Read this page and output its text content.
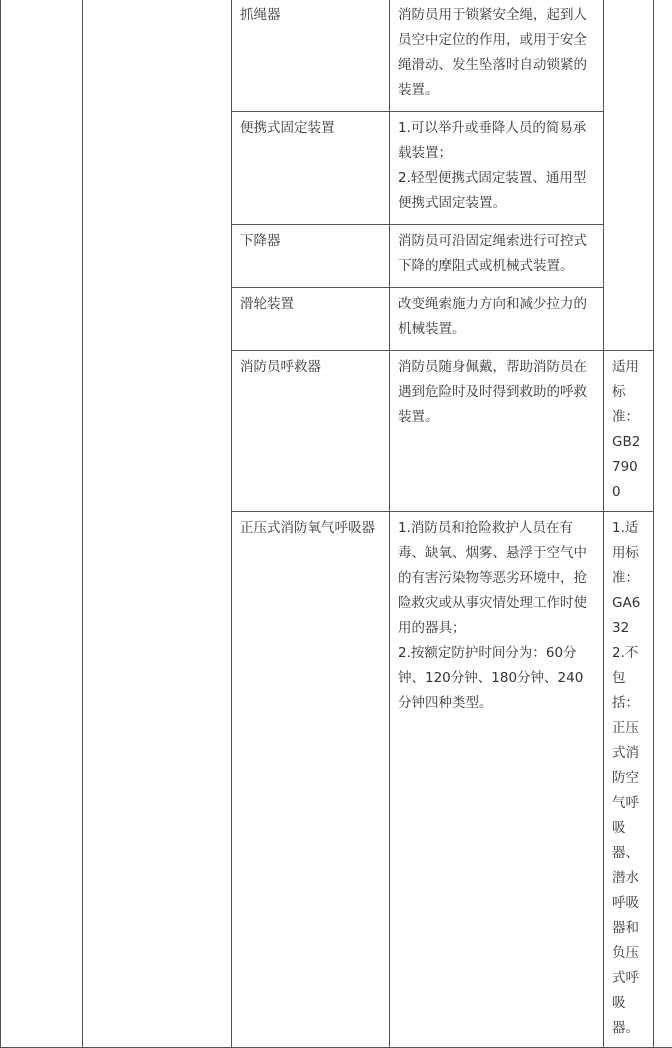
		抓绳器	消防员用于锁紧安全绳，起到人员空中定位的作用，或用于安全绳滑动、发生坠落时自动锁紧的装置。		

		便携式固定装置	1.可以举升或垂降人员的简易承载装置；
2.轻型便携式固定装置、通用型便携式固定装置。		

		下降器	消防员可沿固定绳索进行可控式下降的摩阻式或机械式装置。		

		滑轮装置	改变绳索施力方向和减少拉力的机械装置。		

		消防员呼救器	消防员随身佩戴，帮助消防员在遇到危险时及时得到救助的呼救装置。	适用标准：GB27900	

		正压式消防氧气呼吸器	1.消防员和抢险救护人员在有毒、缺氧、烟雾、悬浮于空气中的有害污染物等恶劣环境中，抢险救灾或从事灾情处理工作时使用的器具；
2.按额定防护时间分为：60分钟、120分钟、180分钟、240分钟四种类型。	1.适用标准：GA632
2.不包括：正压式消防空气呼吸器、潜水呼吸器和负压式呼吸器。	
